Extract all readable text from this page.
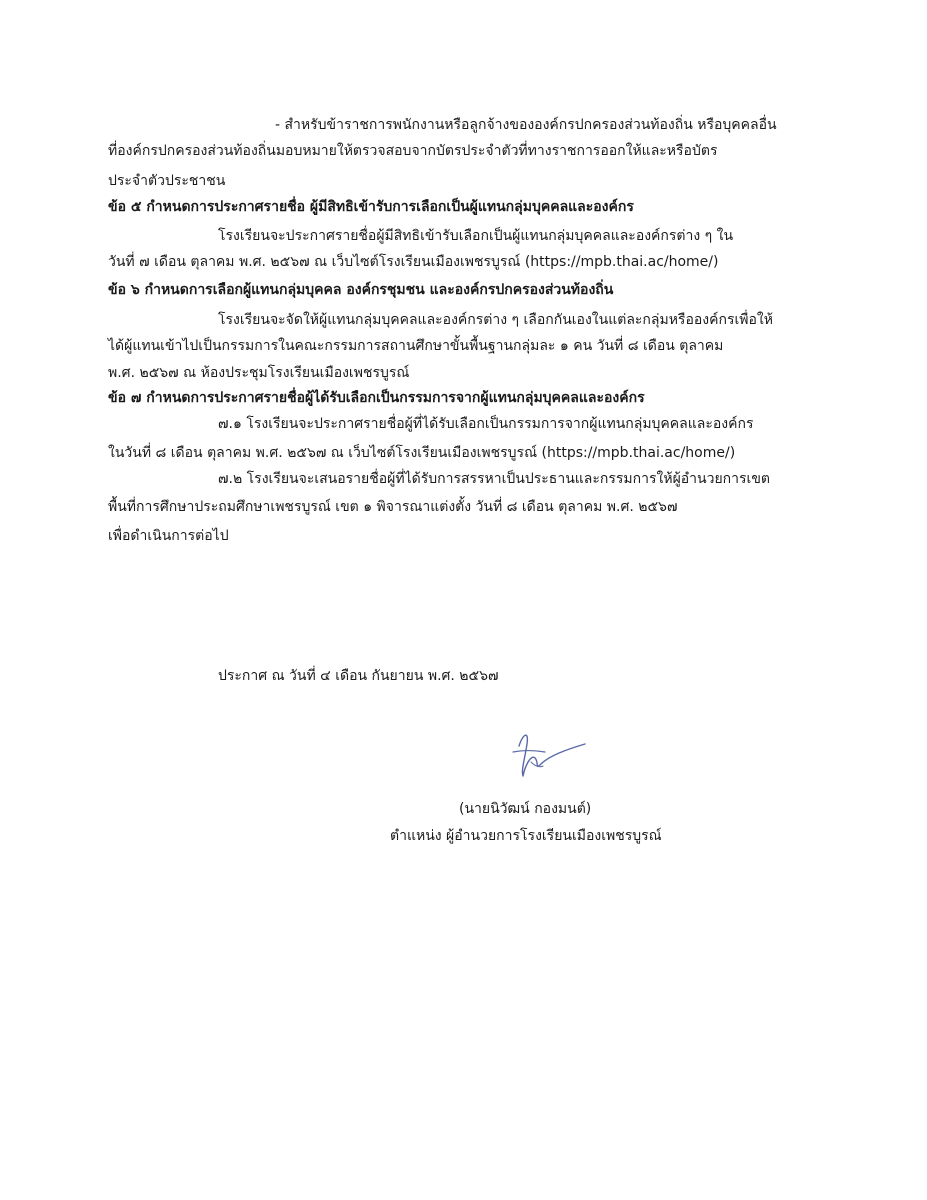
- สำหรับข้าราชการพนักงานหรือลูกจ้างขององค์กรปกครองส่วนท้องถิ่น หรือบุคคลอื่น
ที่องค์กรปกครองส่วนท้องถิ่นมอบหมายให้ตรวจสอบจากบัตรประจำตัวที่ทางราชการออกให้และหรือบัตร
ประจำตัวประชาชน
ข้อ ๕ กำหนดการประกาศรายชื่อ ผู้มีสิทธิเข้ารับการเลือกเป็นผู้แทนกลุ่มบุคคลและองค์กร
โรงเรียนจะประกาศรายชื่อผู้มีสิทธิเข้ารับเลือกเป็นผู้แทนกลุ่มบุคคลและองค์กรต่าง ๆ ใน
วันที่ ๗ เดือน ตุลาคม พ.ศ. ๒๕๖๗ ณ เว็บไซต์โรงเรียนเมืองเพชรบูรณ์ (https://mpb.thai.ac/home/)
ข้อ ๖ กำหนดการเลือกผู้แทนกลุ่มบุคคล องค์กรชุมชน และองค์กรปกครองส่วนท้องถิ่น
โรงเรียนจะจัดให้ผู้แทนกลุ่มบุคคลและองค์กรต่าง ๆ เลือกกันเองในแต่ละกลุ่มหรือองค์กรเพื่อให้
ได้ผู้แทนเข้าไปเป็นกรรมการในคณะกรรมการสถานศึกษาขั้นพื้นฐานกลุ่มละ ๑ คน วันที่ ๘ เดือน ตุลาคม
พ.ศ. ๒๕๖๗ ณ ห้องประชุมโรงเรียนเมืองเพชรบูรณ์
ข้อ ๗ กำหนดการประกาศรายชื่อผู้ได้รับเลือกเป็นกรรมการจากผู้แทนกลุ่มบุคคลและองค์กร
๗.๑ โรงเรียนจะประกาศรายชื่อผู้ที่ได้รับเลือกเป็นกรรมการจากผู้แทนกลุ่มบุคคลและองค์กร
ในวันที่ ๘ เดือน ตุลาคม พ.ศ. ๒๕๖๗ ณ เว็บไซต์โรงเรียนเมืองเพชรบูรณ์ (https://mpb.thai.ac/home/)
๗.๒ โรงเรียนจะเสนอรายชื่อผู้ที่ได้รับการสรรหาเป็นประธานและกรรมการให้ผู้อำนวยการเขต
พื้นที่การศึกษาประถมศึกษาเพชรบูรณ์ เขต ๑ พิจารณาแต่งตั้ง วันที่ ๘ เดือน ตุลาคม พ.ศ. ๒๕๖๗
เพื่อดำเนินการต่อไป
ประกาศ ณ วันที่ ๔ เดือน กันยายน พ.ศ. ๒๕๖๗
(นายนิวัฒน์ กองมนต์)
ตำแหน่ง ผู้อำนวยการโรงเรียนเมืองเพชรบูรณ์
